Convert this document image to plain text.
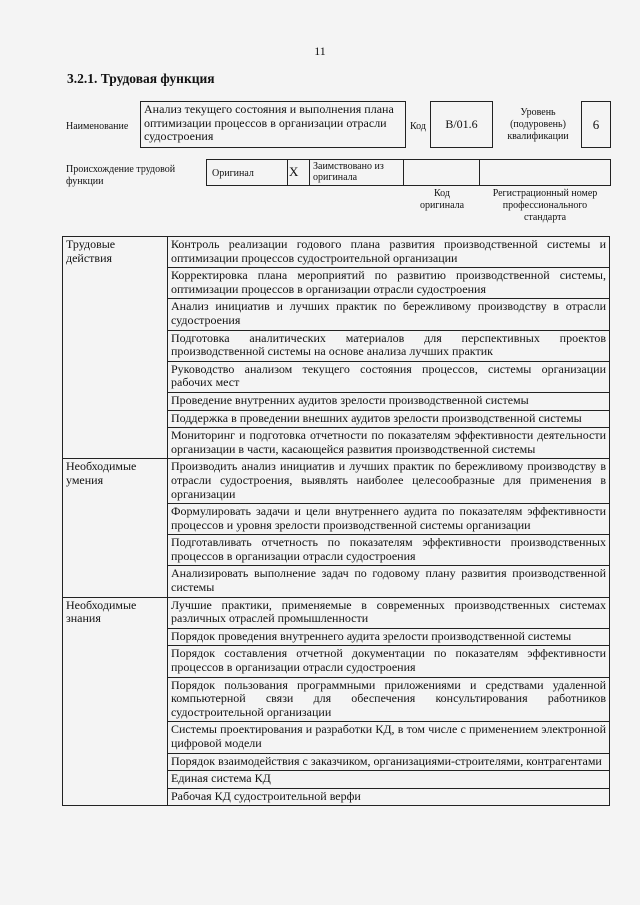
11
3.2.1. Трудовая функция
Наименование
Анализ текущего состояния и выполнения плана оптимизации процессов в организации отрасли судостроения
Код B/01.6
Уровень (подуровень) квалификации
6
Происхождение трудовой функции
Оригинал	X Заимствовано из оригинала
Код оригинала
Регистрационный номер профессионального стандарта
Трудовые действия	Контроль реализации годового плана развития производственной системы и оптимизации процессов судостроительной организации
	Корректировка плана мероприятий по развитию производственной системы, оптимизации процессов в организации отрасли судостроения
	Анализ инициатив и лучших практик по бережливому производству в отрасли судостроения
	Подготовка аналитических материалов для перспективных проектов производственной системы на основе анализа лучших практик
	Руководство анализом текущего состояния процессов, системы организации рабочих мест
	Проведение внутренних аудитов зрелости производственной системы
	Поддержка в проведении внешних аудитов зрелости производственной системы
	Мониторинг и подготовка отчетности по показателям эффективности деятельности организации в части, касающейся развития производственной системы
Необходимые умения	Производить анализ инициатив и лучших практик по бережливому производству в отрасли судостроения, выявлять наиболее целесообразные для применения в организации
	Формулировать задачи и цели внутреннего аудита по показателям эффективности процессов и уровня зрелости производственной системы организации
	Подготавливать отчетность по показателям эффективности производственных процессов в организации отрасли судостроения
	Анализировать выполнение задач по годовому плану развития производственной системы
Необходимые знания	Лучшие практики, применяемые в современных производственных системах различных отраслей промышленности
	Порядок проведения внутреннего аудита зрелости производственной системы
	Порядок составления отчетной документации по показателям эффективности процессов в организации отрасли судостроения
	Порядок пользования программными приложениями и средствами удаленной компьютерной связи для обеспечения консультирования работников судостроительной организации
	Системы проектирования и разработки КД, в том числе с применением электронной цифровой модели
	Порядок взаимодействия с заказчиком, организациями-строителями, контрагентами
	Единая система КД
	Рабочая КД судостроительной верфи
